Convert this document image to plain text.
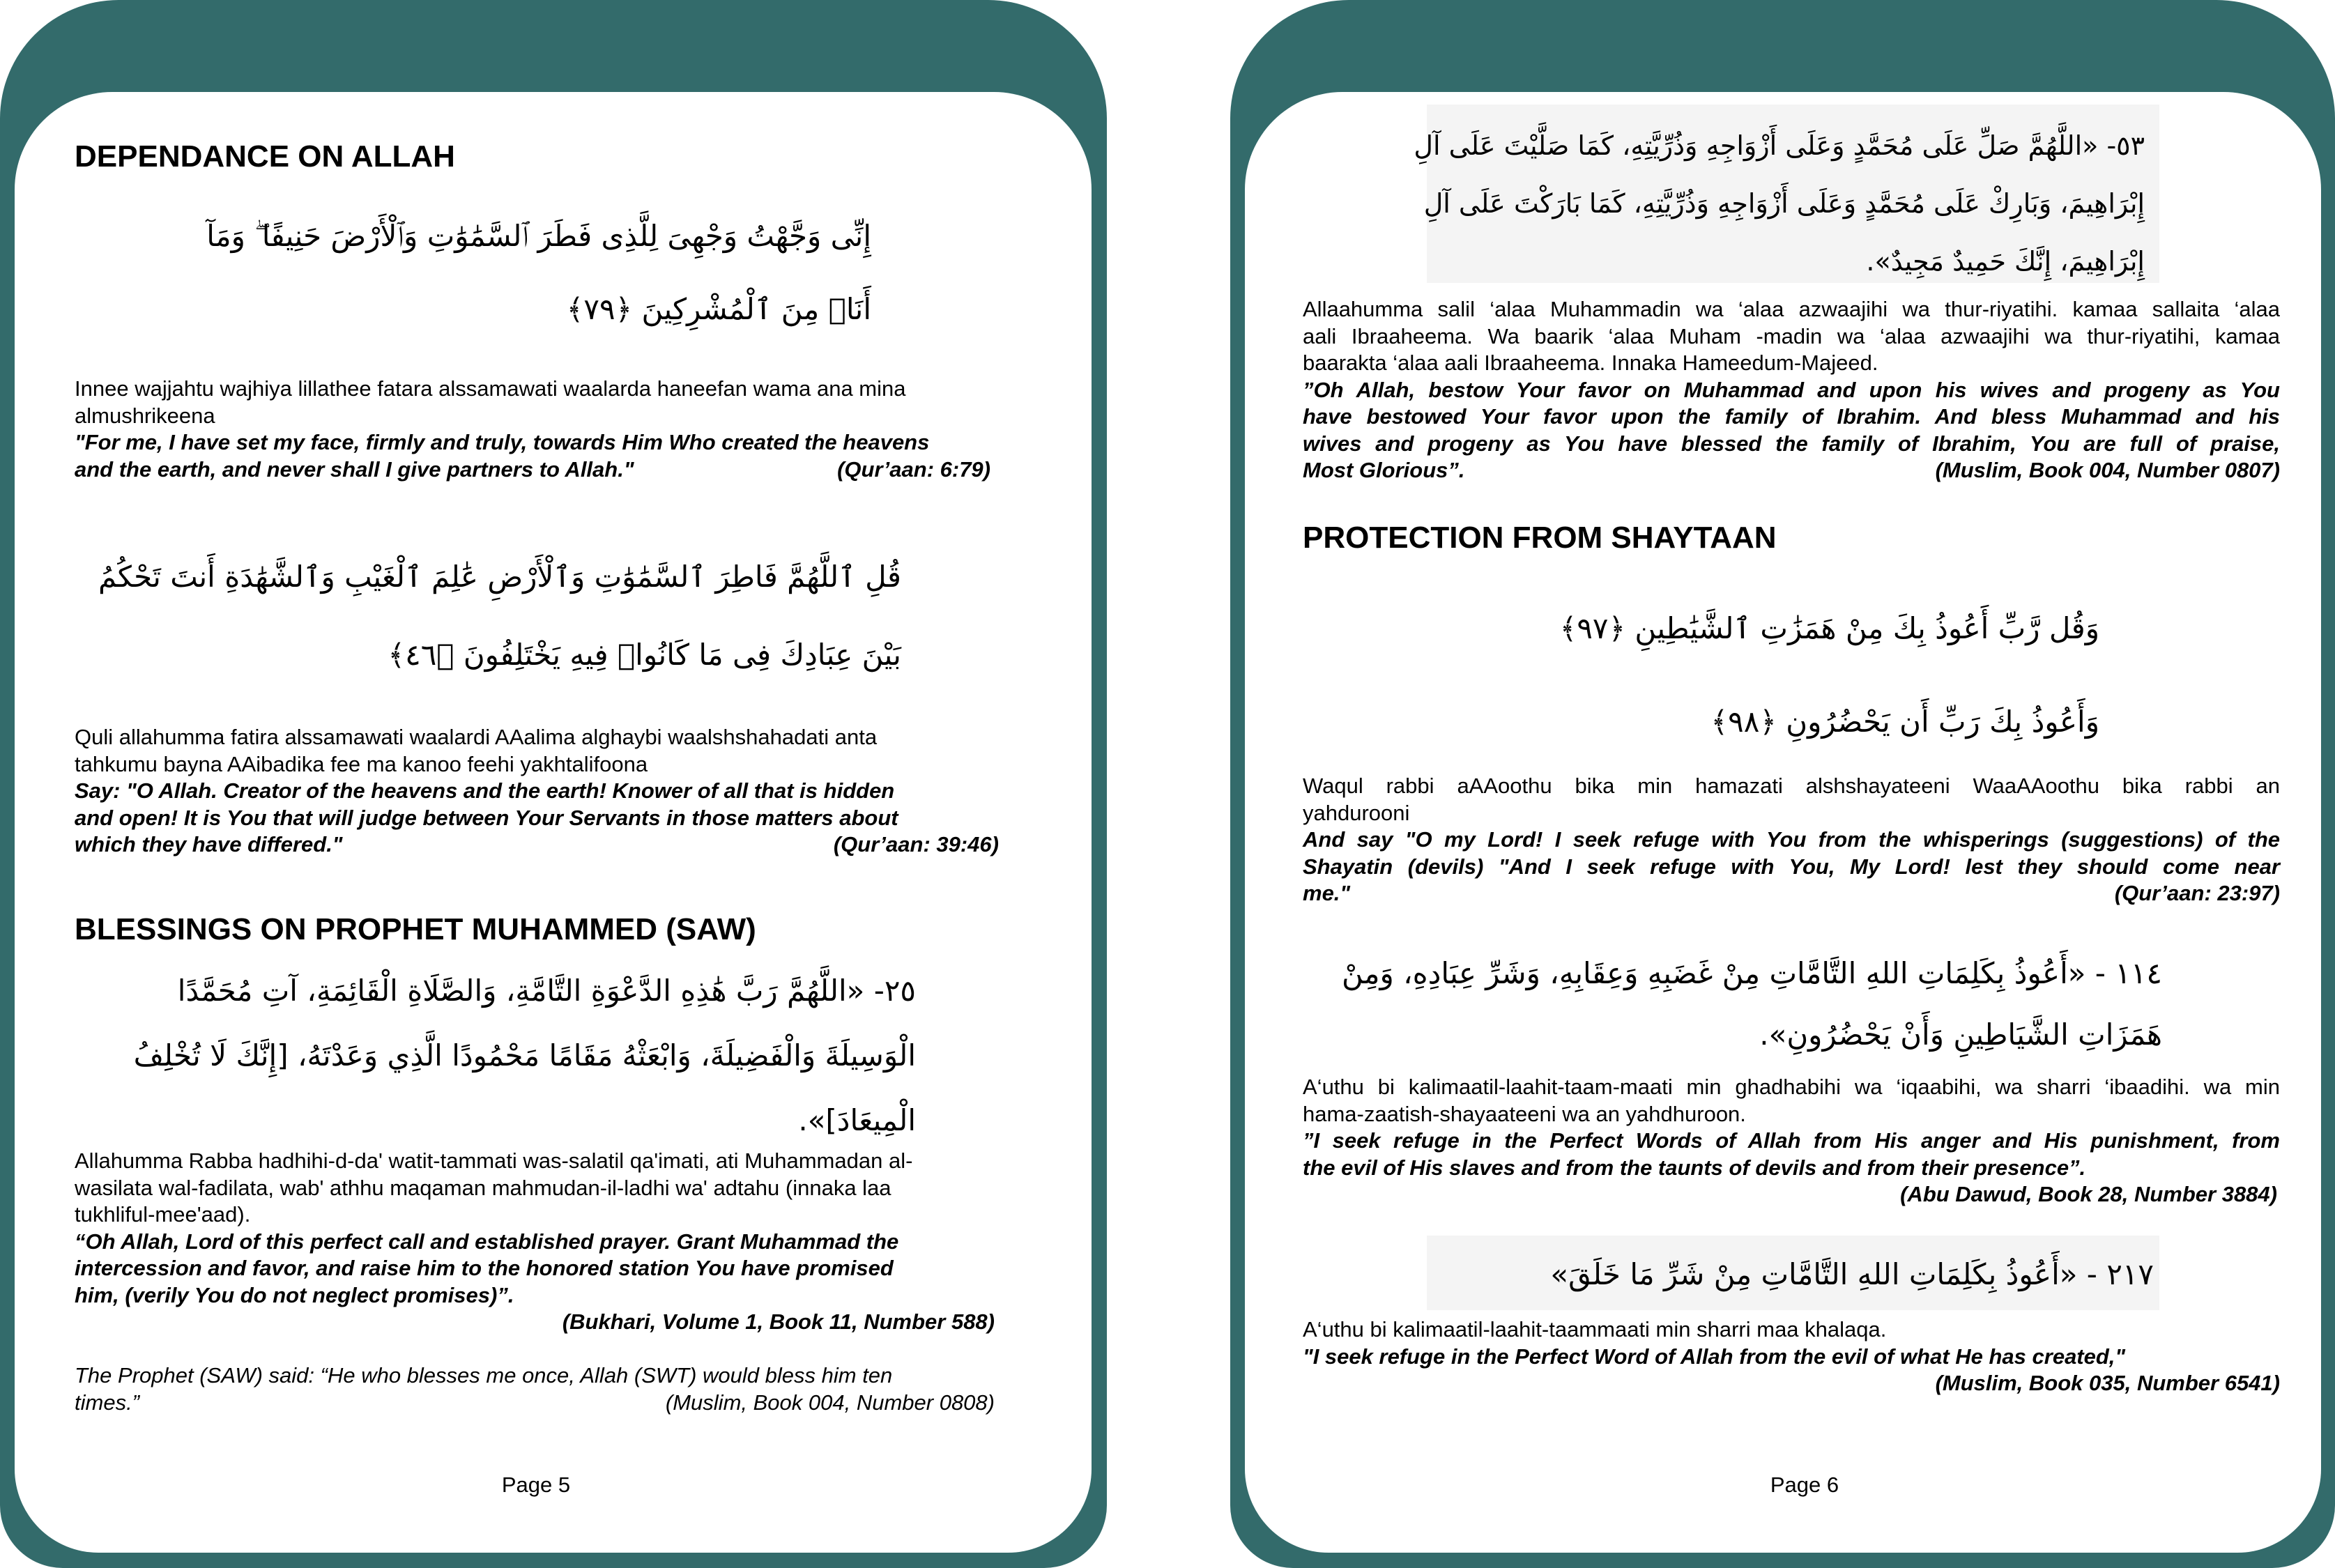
DEPENDANCE ON ALLAH
إِنِّى وَجَّهْتُ وَجْهِىَ لِلَّذِى فَطَرَ ٱلسَّمَٰوَٰتِ وَٱلْأَرْضَ حَنِيفًا ۖ وَمَآ
أَنَا۠ مِنَ ٱلْمُشْرِكِينَ ﴿٧٩﴾
Innee wajjahtu wajhiya lillathee fatara alssamawati waalarda haneefan wama ana mina
almushrikeena
"For me, I have set my face, firmly and truly, towards Him Who created the heavens
and the earth, and never shall I give partners to Allah."	(Qur’aan: 6:79)
قُلِ ٱللَّهُمَّ فَاطِرَ ٱلسَّمَٰوَٰتِ وَٱلْأَرْضِ عَٰلِمَ ٱلْغَيْبِ وَٱلشَّهَٰدَةِ أَنتَ تَحْكُمُ
بَيْنَ عِبَادِكَ فِى مَا كَانُوا۟ فِيهِ يَخْتَلِفُونَ ﴿٤٦﴾
Quli allahumma fatira alssamawati waalardi AAalima alghaybi waalshshahadati anta
tahkumu bayna AAibadika fee ma kanoo feehi yakhtalifoona
Say: "O Allah. Creator of the heavens and the earth! Knower of all that is hidden
and open! It is You that will judge between Your Servants in those matters about
which they have differed."	(Qur’aan: 39:46)
BLESSINGS ON PROPHET MUHAMMED (SAW)
٢٥- «اللَّهُمَّ رَبَّ هَٰذِهِ الدَّعْوَةِ التَّامَّةِ، وَالصَّلَاةِ الْقَائِمَةِ، آتِ مُحَمَّدًا
الْوَسِيلَةَ وَالْفَضِيلَةَ، وَابْعَثْهُ مَقَامًا مَحْمُودًا الَّذِي وَعَدْتَهُ، [إِنَّكَ لَا تُخْلِفُ
الْمِيعَادَ]».
Allahumma Rabba hadhihi-d-da' watit-tammati was-salatil qa'imati, ati Muhammadan al-
wasilata wal-fadilata, wab' athhu maqaman mahmudan-il-ladhi wa' adtahu (innaka laa
tukhliful-mee'aad).
“Oh Allah, Lord of this perfect call and established prayer. Grant Muhammad the
intercession and favor, and raise him to the honored station You have promised
him, (verily You do not neglect promises)”.
(Bukhari, Volume 1, Book 11, Number 588)
The Prophet (SAW) said: “He who blesses me once, Allah (SWT) would bless him ten
times.”	(Muslim, Book 004, Number 0808)
Page 5
٥٣- «اللَّهُمَّ صَلِّ عَلَى مُحَمَّدٍ وَعَلَى أَزْوَاجِهِ وَذُرِّيَّتِهِ، كَمَا صَلَّيْتَ عَلَى آلِ
إِبْرَاهِيمَ، وَبَارِكْ عَلَى مُحَمَّدٍ وَعَلَى أَزْوَاجِهِ وَذُرِّيَّتِهِ، كَمَا بَارَكْتَ عَلَى آلِ
إِبْرَاهِيمَ، إِنَّكَ حَمِيدٌ مَجِيدٌ».
Allaahumma salil ‘alaa Muhammadin wa ‘alaa azwaajihi wa thur-riyatihi. kamaa sallaita ‘alaa
aali Ibraaheema. Wa baarik ‘alaa Muham -madin wa ‘alaa azwaajihi wa thur-riyatihi, kamaa
baarakta ‘alaa aali Ibraaheema. Innaka Hameedum-Majeed.
”Oh Allah, bestow Your favor on Muhammad and upon his wives and progeny as You
have bestowed Your favor upon the family of Ibrahim. And bless Muhammad and his
wives and progeny as You have blessed the family of Ibrahim, You are full of praise,
Most Glorious”.	(Muslim, Book 004, Number 0807)
PROTECTION FROM SHAYTAAN
وَقُل رَّبِّ أَعُوذُ بِكَ مِنْ هَمَزَٰتِ ٱلشَّيَٰطِينِ ﴿٩٧﴾
وَأَعُوذُ بِكَ رَبِّ أَن يَحْضُرُونِ ﴿٩٨﴾
Waqul rabbi aAAoothu bika min hamazati alshshayateeni WaaAAoothu bika rabbi an
yahdurooni
And say "O my Lord! I seek refuge with You from the whisperings (suggestions) of the
Shayatin (devils) "And I seek refuge with You, My Lord! lest they should come near
me."	(Qur’aan: 23:97)
١١٤ - «أَعُوذُ بِكَلِمَاتِ اللهِ التَّامَّاتِ مِنْ غَضَبِهِ وَعِقَابِهِ، وَشَرِّ عِبَادِهِ، وَمِنْ
هَمَزَاتِ الشَّيَاطِينِ وَأَنْ يَحْضُرُونِ».
A‘uthu bi kalimaatil-laahit-taam-maati min ghadhabihi wa ‘iqaabihi, wa sharri ‘ibaadihi. wa min
hama-zaatish-shayaateeni wa an yahdhuroon.
”I seek refuge in the Perfect Words of Allah from His anger and His punishment, from
the evil of His slaves and from the taunts of devils and from their presence”.
(Abu Dawud, Book 28, Number 3884)
٢١٧ - «أَعُوذُ بِكَلِمَاتِ اللهِ التَّامَّاتِ مِنْ شَرِّ مَا خَلَقَ»
A‘uthu bi kalimaatil-laahit-taammaati min sharri maa khalaqa.
"I seek refuge in the Perfect Word of Allah from the evil of what He has created,"
(Muslim, Book 035, Number 6541)
Page 6
